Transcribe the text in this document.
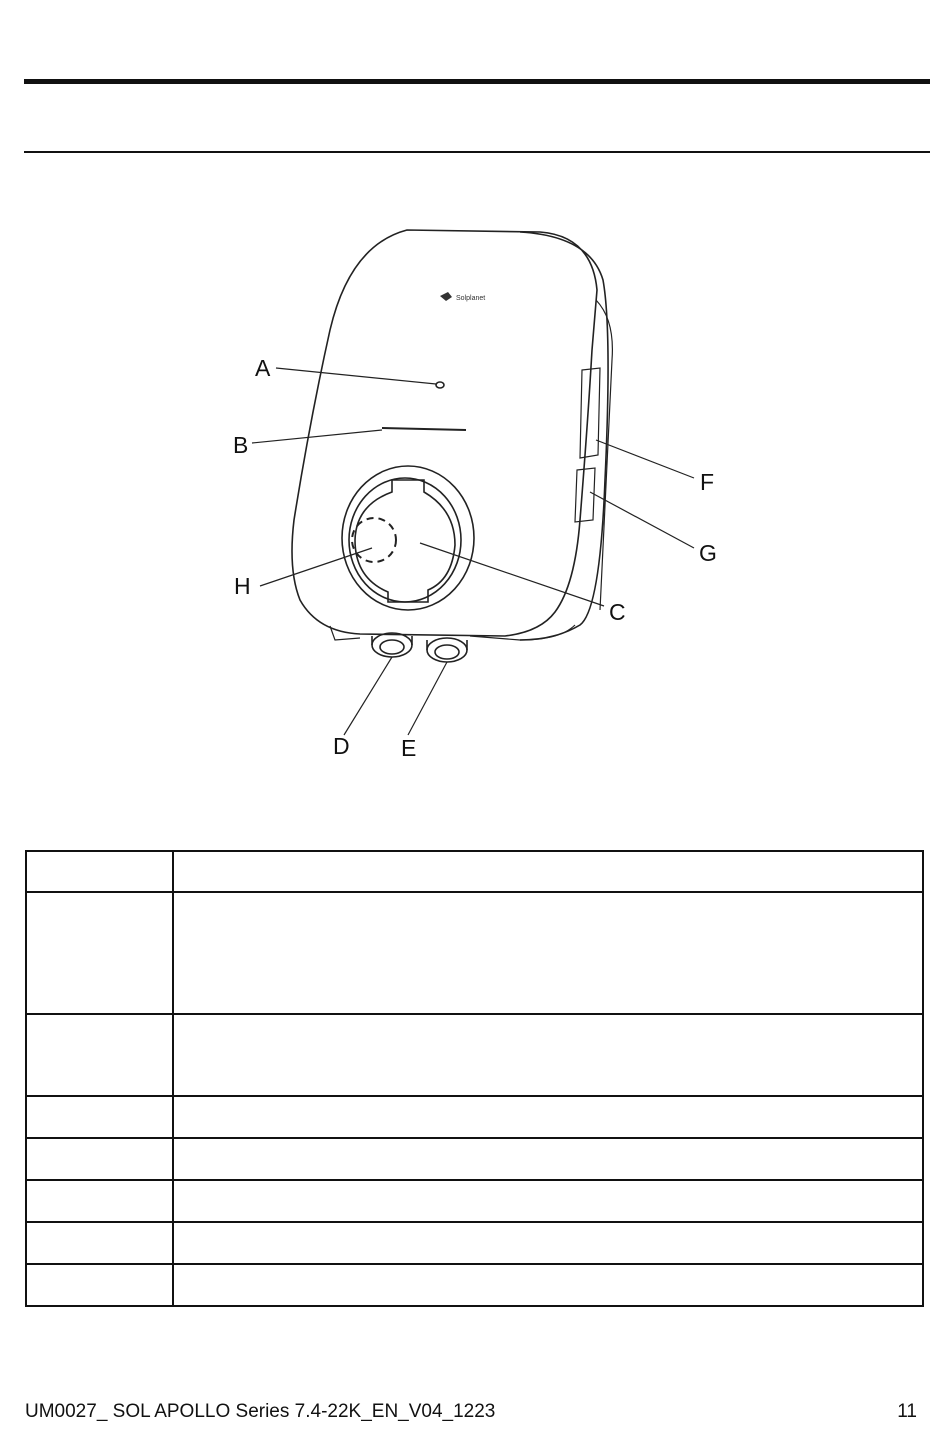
Solplanet
A
B
C
D E
F
G
H

UM0027_ SOL APOLLO Series 7.4-22K_EN_V04_1223	11
